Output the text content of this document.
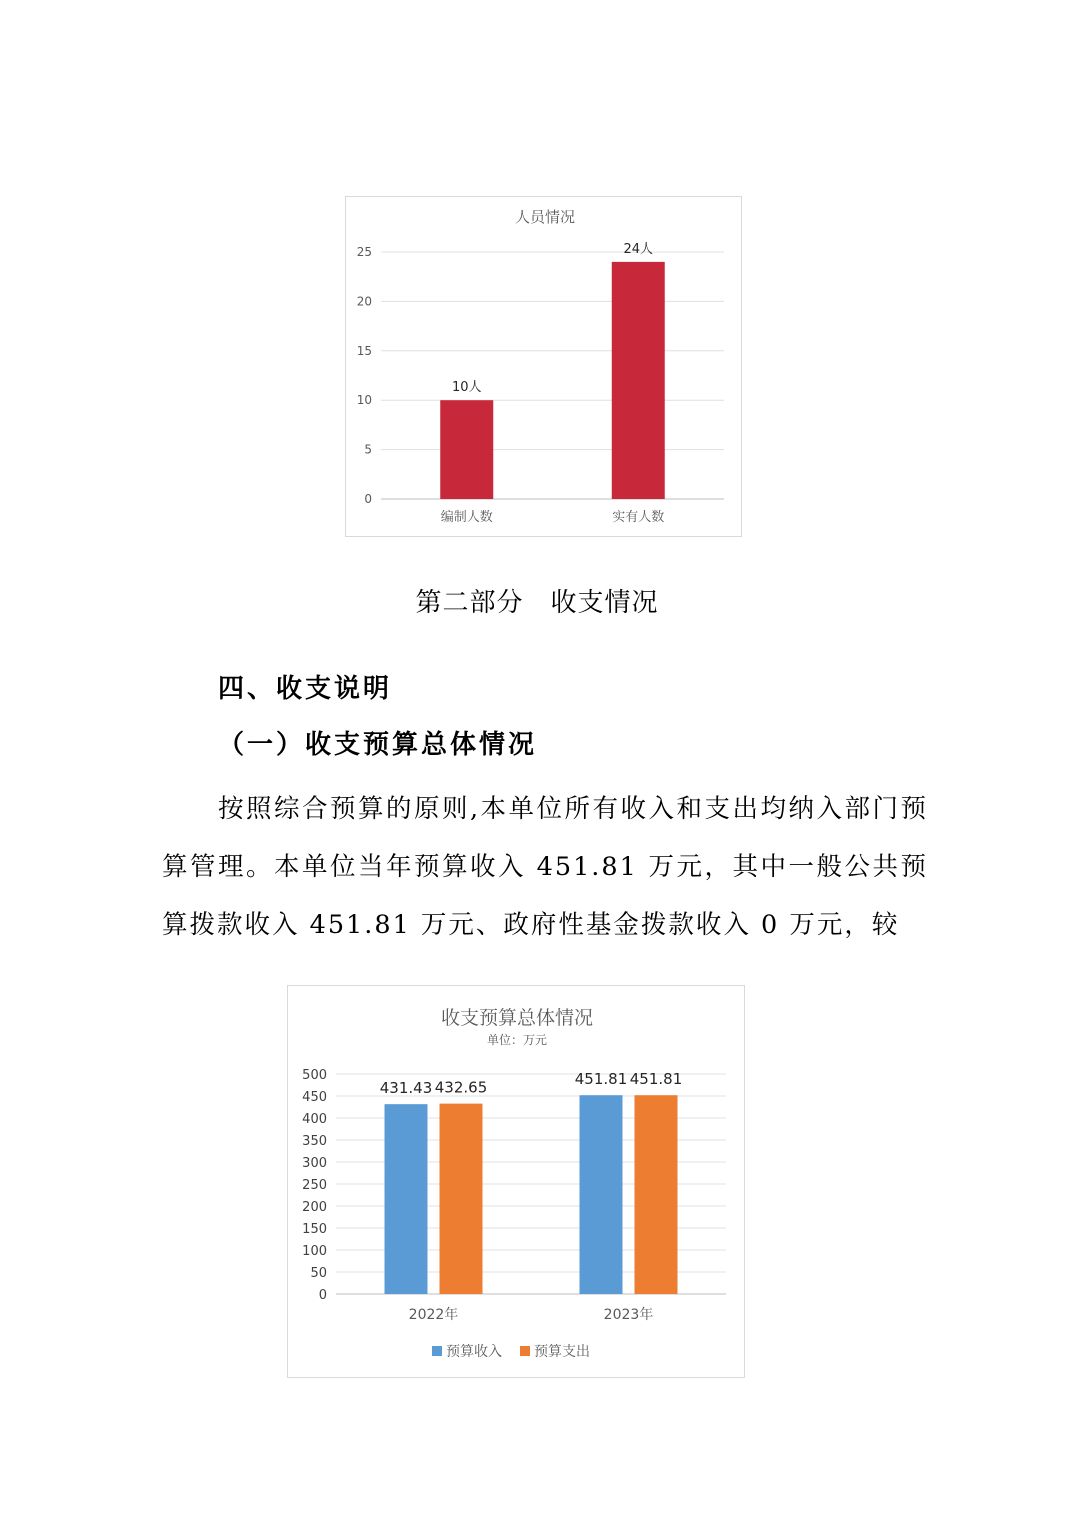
人员情况
0
5
10
15
20
25
10人
编制人数
24人
实有人数
第二部分　收支情况
四、收支说明
（一）收支预算总体情况
按照综合预算的原则,本单位所有收入和支出均纳入部门预算管理。本单位当年预算收入 451.81 万元，其中一般公共预算拨款收入 451.81 万元、政府性基金拨款收入 0 万元，较
收支预算总体情况
单位：万元
0
50
100
150
200
250
300
350
400
450
500
431.43 432.65
2022年
451.81 451.81
2023年
预算收入 预算支出
